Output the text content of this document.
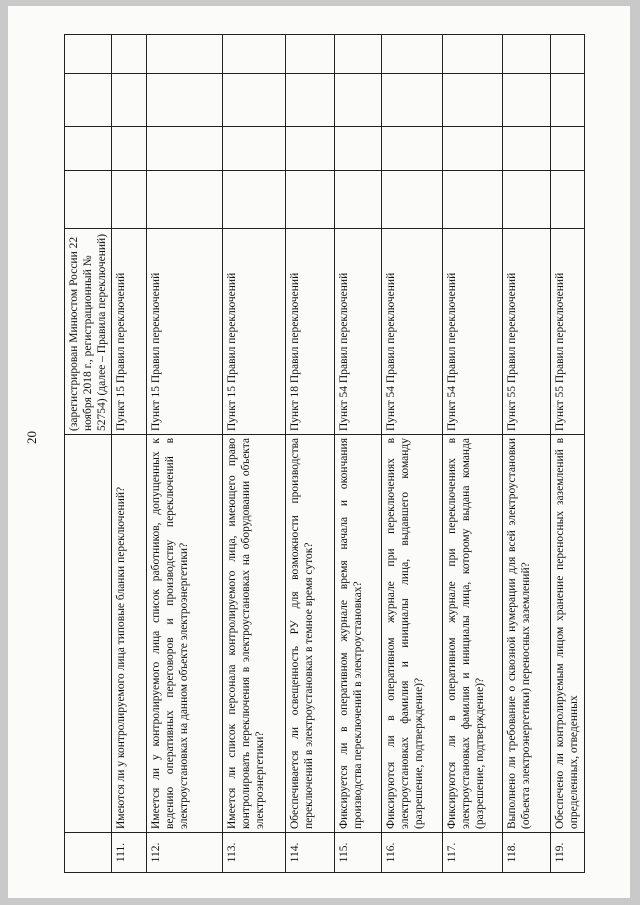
20
		(зарегистрирован Минюстом России 22 ноября 2018 г., регистрационный № 52754) (далее – Правила переключений)				
111.	Имеются ли у контролируемого лица типовые бланки переключений?	Пункт 15 Правил переключений				
112.	Имеется ли у контролируемого лица список работников, допущенных к ведению оперативных переговоров и производству переключений в электроустановках на данном объекте электроэнергетики?	Пункт 15 Правил переключений				
113.	Имеется ли список персонала контролируемого лица, имеющего право контролировать переключения в электроустановках на оборудовании объекта электроэнергетики?	Пункт 15 Правил переключений				
114.	Обеспечивается ли освещенность РУ для возможности производства переключений в электроустановках в темное время суток?	Пункт 18 Правил переключений				
115.	Фиксируется ли в оперативном журнале время начала и окончания производства переключений в электроустановках?	Пункт 54 Правил переключений				
116.	Фиксируются ли в оперативном журнале при переключениях в электроустановках фамилия и инициалы лица, выдавшего команду (разрешение, подтверждение)?	Пункт 54 Правил переключений				
117.	Фиксируются ли в оперативном журнале при переключениях в электроустановках фамилия и инициалы лица, которому выдана команда (разрешение, подтверждение)?	Пункт 54 Правил переключений				
118.	Выполнено ли требование о сквозной нумерации для всей электроустановки (объекта электроэнергетики) переносных заземлений?	Пункт 55 Правил переключений				
119.	Обеспечено ли контролируемым лицом хранение переносных заземлений в определенных, отведенных	Пункт 55 Правил переключений				
